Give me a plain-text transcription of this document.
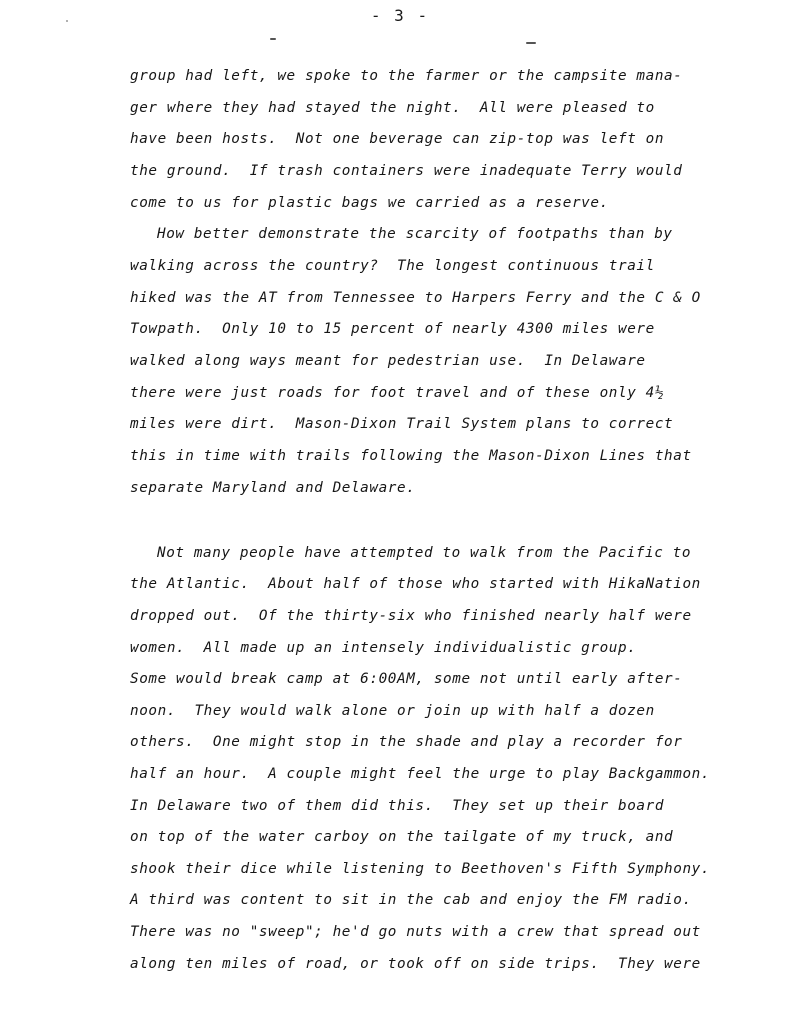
- 3 -
group had left, we spoke to the farmer or the campsite mana-
ger where they had stayed the night.  All were pleased to
have been hosts.  Not one beverage can zip-top was left on
the ground.  If trash containers were inadequate Terry would
come to us for plastic bags we carried as a reserve.
How better demonstrate the scarcity of footpaths than by
walking across the country?  The longest continuous trail
hiked was the AT from Tennessee to Harpers Ferry and the C & O
Towpath.  Only 10 to 15 percent of nearly 4300 miles were
walked along ways meant for pedestrian use.  In Delaware
there were just roads for foot travel and of these only 4½
miles were dirt.  Mason-Dixon Trail System plans to correct
this in time with trails following the Mason-Dixon Lines that
separate Maryland and Delaware.
Not many people have attempted to walk from the Pacific to
the Atlantic.  About half of those who started with HikaNation
dropped out.  Of the thirty-six who finished nearly half were
women.  All made up an intensely individualistic group.
Some would break camp at 6:00AM, some not until early after-
noon.  They would walk alone or join up with half a dozen
others.  One might stop in the shade and play a recorder for
half an hour.  A couple might feel the urge to play Backgammon.
In Delaware two of them did this.  They set up their board
on top of the water carboy on the tailgate of my truck, and
shook their dice while listening to Beethoven's Fifth Symphony.
A third was content to sit in the cab and enjoy the FM radio.
There was no "sweep"; he'd go nuts with a crew that spread out
along ten miles of road, or took off on side trips.  They were
